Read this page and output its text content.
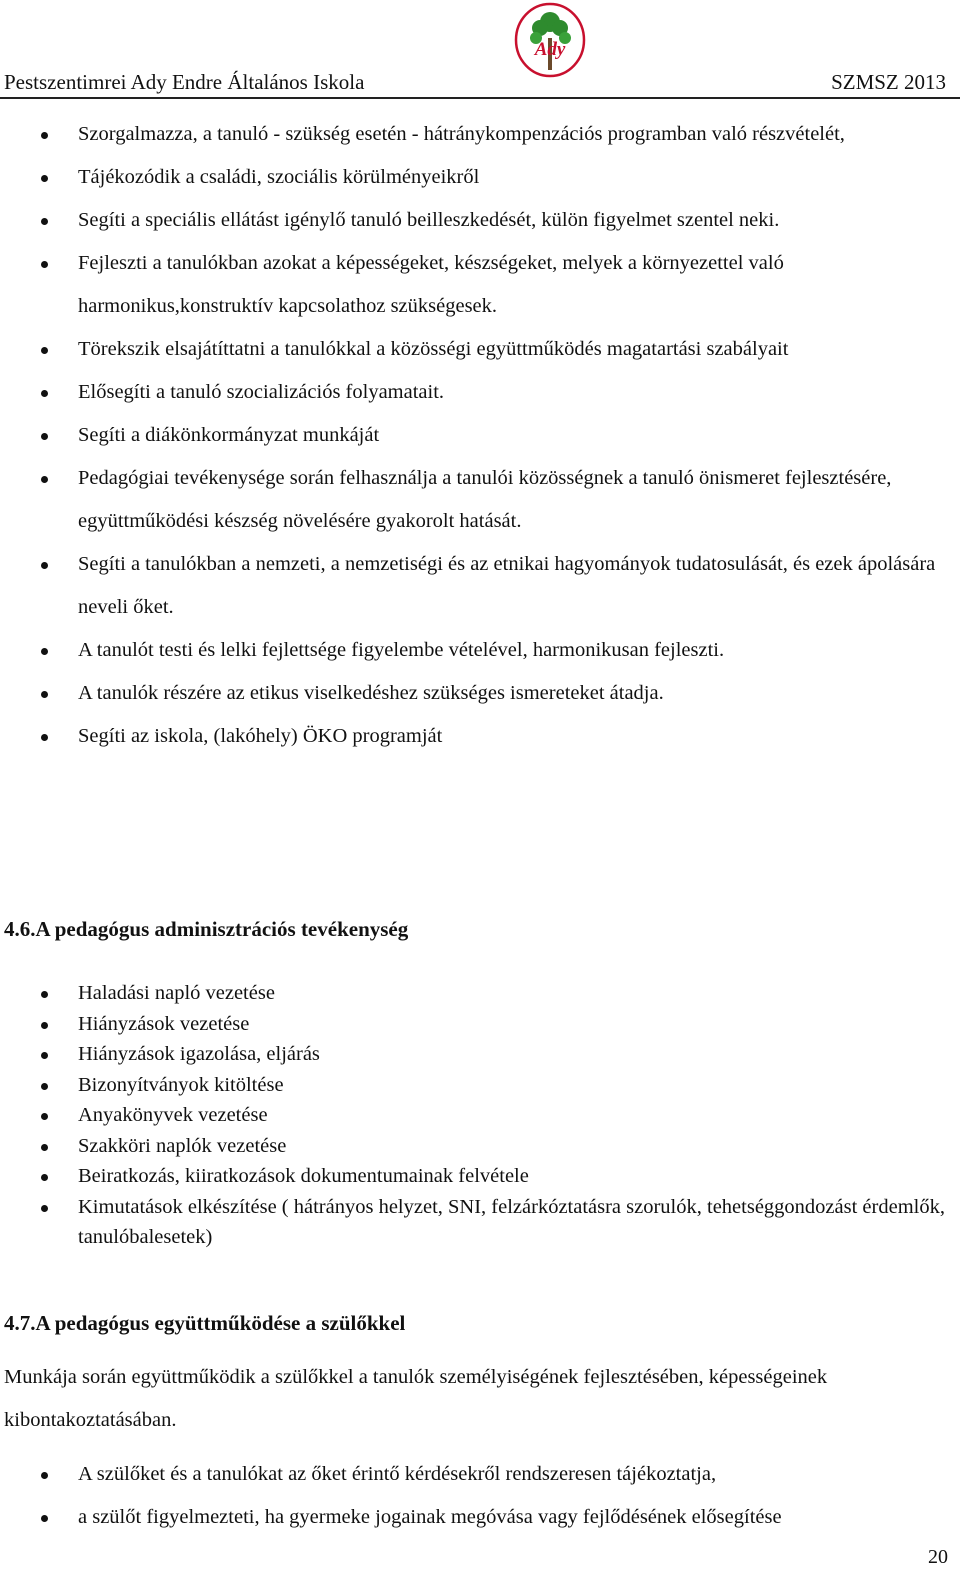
Pestszentimrei Ady Endre Általános Iskola	SZMSZ 2013
Ady
Szorgalmazza, a tanuló - szükség esetén - hátránykompenzációs programban való részvételét,
Tájékozódik a családi, szociális körülményeikről
Segíti a speciális ellátást igénylő tanuló beilleszkedését, külön figyelmet szentel neki.
Fejleszti a tanulókban azokat a képességeket, készségeket, melyek a környezettel való harmonikus,konstruktív kapcsolathoz szükségesek.
Törekszik elsajátíttatni a tanulókkal a közösségi együttműködés magatartási szabályait
Elősegíti a tanuló szocializációs folyamatait.
Segíti a diákönkormányzat munkáját
Pedagógiai tevékenysége során felhasználja a tanulói közösségnek a tanuló önismeret fejlesztésére, együttműködési készség növelésére gyakorolt hatását.
Segíti a tanulókban a nemzeti, a nemzetiségi és az etnikai hagyományok tudatosulását, és ezek ápolására neveli őket.
A tanulót testi és lelki fejlettsége figyelembe vételével, harmonikusan fejleszti.
A tanulók részére az etikus viselkedéshez szükséges ismereteket átadja.
Segíti az iskola, (lakóhely) ÖKO programját
4.6.A pedagógus adminisztrációs tevékenység
Haladási napló vezetése
Hiányzások vezetése
Hiányzások igazolása, eljárás
Bizonyítványok kitöltése
Anyakönyvek vezetése
Szakköri naplók vezetése
Beiratkozás, kiiratkozások dokumentumainak felvétele
Kimutatások elkészítése ( hátrányos helyzet, SNI, felzárkóztatásra szorulók, tehetséggondozást érdemlők, tanulóbalesetek)
4.7.A pedagógus együttműködése a szülőkkel
Munkája során együttműködik a szülőkkel a tanulók személyiségének fejlesztésében, képességeinek kibontakoztatásában.
A szülőket és a tanulókat az őket érintő kérdésekről rendszeresen tájékoztatja,
a szülőt figyelmezteti, ha gyermeke jogainak megóvása vagy fejlődésének elősegítése
20
